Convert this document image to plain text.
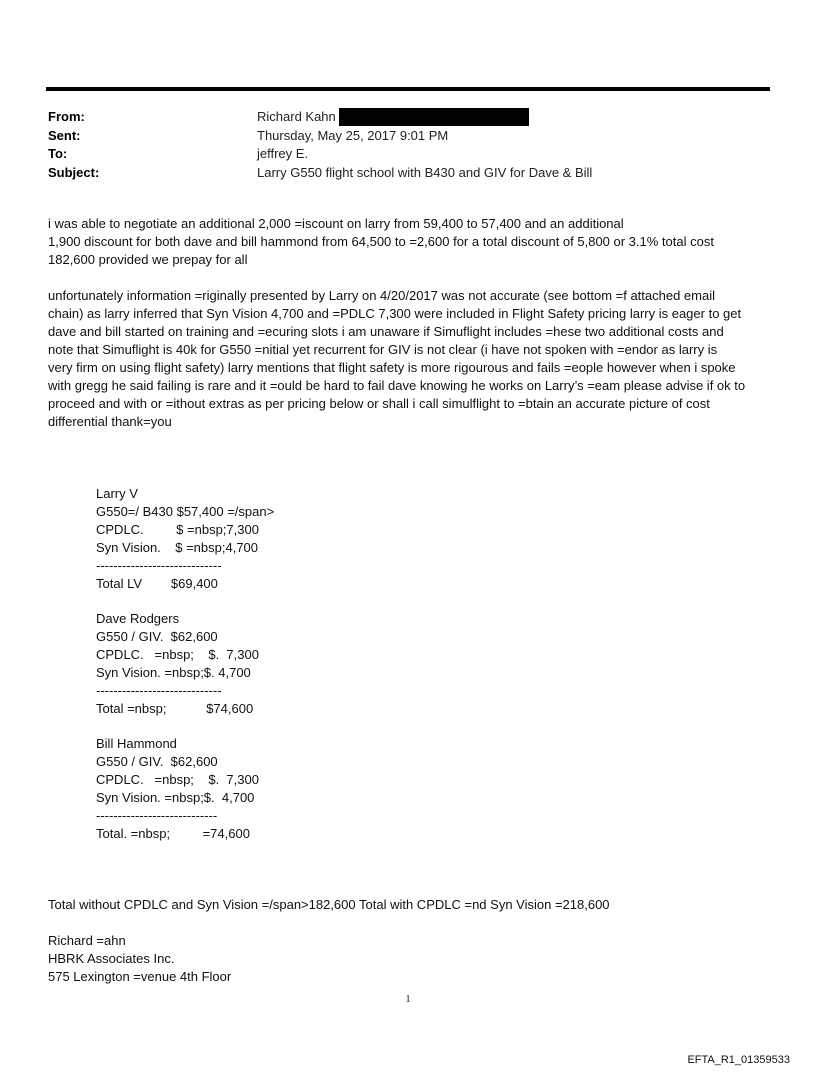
From:	Richard Kahn
Sent:	Thursday, May 25, 2017 9:01 PM
To:	jeffrey E.
Subject:	Larry G550 flight school with B430 and GIV for Dave & Bill

i was able to negotiate an additional 2,000 =iscount on larry from 59,400 to 57,400 and an additional
1,900 discount for both dave and bill hammond from 64,500 to =2,600 for a total discount of 5,800 or 3.1% total cost
182,600 provided we prepay for all

unfortunately information =riginally presented by Larry on 4/20/2017 was not accurate (see bottom =f attached email
chain) as larry inferred that Syn Vision 4,700 and =PDLC 7,300 were included in Flight Safety pricing larry is eager to get
dave and bill started on training and =ecuring slots i am unaware if Simuflight includes =hese two additional costs and
note that Simuflight is 40k for G550 =nitial yet recurrent for GIV is not clear (i have not spoken with =endor as larry is
very firm on using flight safety) larry mentions that flight safety is more rigourous and fails =eople however when i spoke
with gregg he said failing is rare and it =ould be hard to fail dave knowing he works on Larry’s =eam please advise if ok to
proceed and with or =ithout extras as per pricing below or shall i call simulflight to =btain an accurate picture of cost
differential thank=you

Larry V
G550=/ B430 $57,400 =/span>
CPDLC.         $ =nbsp;7,300
Syn Vision.    $ =nbsp;4,700
-----------------------------
Total LV        $69,400
Dave Rodgers
G550 / GIV.  $62,600
CPDLC.   =nbsp;    $.  7,300
Syn Vision. =nbsp;$. 4,700
-----------------------------
Total =nbsp;           $74,600
Bill Hammond
G550 / GIV.  $62,600
CPDLC.   =nbsp;    $.  7,300
Syn Vision. =nbsp;$.  4,700
----------------------------
Total. =nbsp;         =74,600
Total without CPDLC and Syn Vision =/span>182,600 Total with CPDLC =nd Syn Vision =218,600
Richard =ahn
HBRK Associates Inc.
575 Lexington =venue 4th Floor
1
EFTA_R1_01359533
